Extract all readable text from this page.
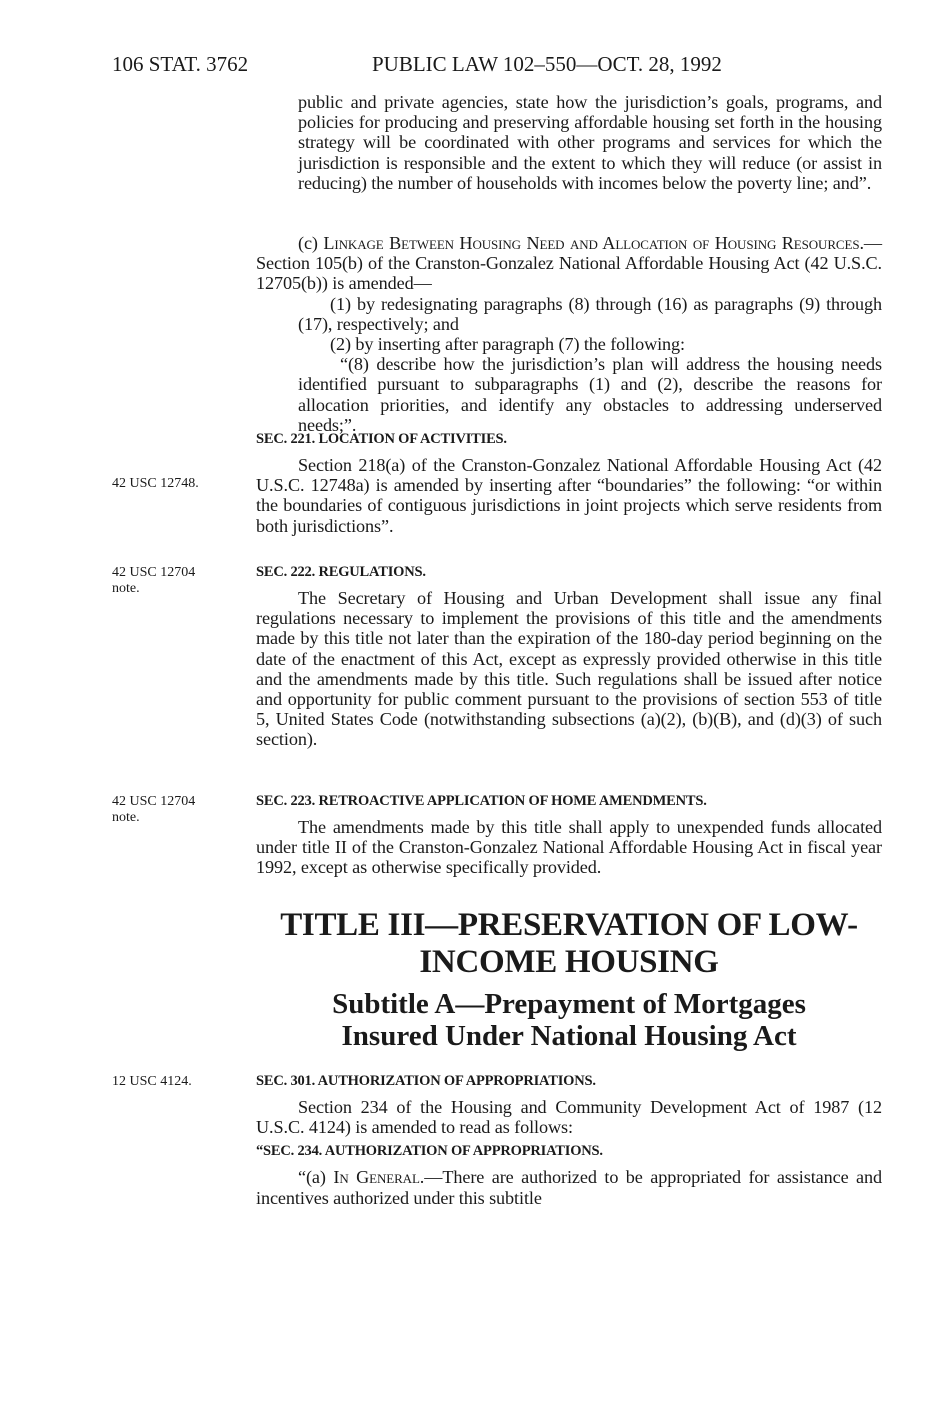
106 STAT. 3762	PUBLIC LAW 102–550—OCT. 28, 1992

public and private agencies, state how the jurisdiction’s goals, programs, and policies for producing and preserving affordable housing set forth in the housing strategy will be coordinated with other programs and services for which the jurisdiction is responsible and the extent to which they will reduce (or assist in reducing) the number of households with incomes below the poverty line; and”.

(c) Linkage Between Housing Need and Allocation of Housing Resources.—Section 105(b) of the Cranston-Gonzalez National Affordable Housing Act (42 U.S.C. 12705(b)) is amended—

(1) by redesignating paragraphs (8) through (16) as paragraphs (9) through (17), respectively; and

(2) by inserting after paragraph (7) the following:

“(8) describe how the jurisdiction’s plan will address the housing needs identified pursuant to subparagraphs (1) and (2), describe the reasons for allocation priorities, and identify any obstacles to addressing underserved needs;”.

SEC. 221. LOCATION OF ACTIVITIES.

Section 218(a) of the Cranston-Gonzalez National Affordable Housing Act (42 U.S.C. 12748a) is amended by inserting after “boundaries” the following: “or within the boundaries of contiguous jurisdictions in joint projects which serve residents from both jurisdictions”.

42 USC 12748.

SEC. 222. REGULATIONS.

The Secretary of Housing and Urban Development shall issue any final regulations necessary to implement the provisions of this title and the amendments made by this title not later than the expiration of the 180-day period beginning on the date of the enactment of this Act, except as expressly provided otherwise in this title and the amendments made by this title. Such regulations shall be issued after notice and opportunity for public comment pursuant to the provisions of section 553 of title 5, United States Code (notwithstanding subsections (a)(2), (b)(B), and (d)(3) of such section).

42 USC 12704
note.

SEC. 223. RETROACTIVE APPLICATION OF HOME AMENDMENTS.

The amendments made by this title shall apply to unexpended funds allocated under title II of the Cranston-Gonzalez National Affordable Housing Act in fiscal year 1992, except as otherwise specifically provided.

42 USC 12704
note.
TITLE III—PRESERVATION OF LOW-
INCOME HOUSING
Subtitle A—Prepayment of Mortgages
Insured Under National Housing Act

SEC. 301. AUTHORIZATION OF APPROPRIATIONS.

Section 234 of the Housing and Community Development Act of 1987 (12 U.S.C. 4124) is amended to read as follows:

“SEC. 234. AUTHORIZATION OF APPROPRIATIONS.

“(a) In General.—There are authorized to be appropriated for assistance and incentives authorized under this subtitle

12 USC 4124.
